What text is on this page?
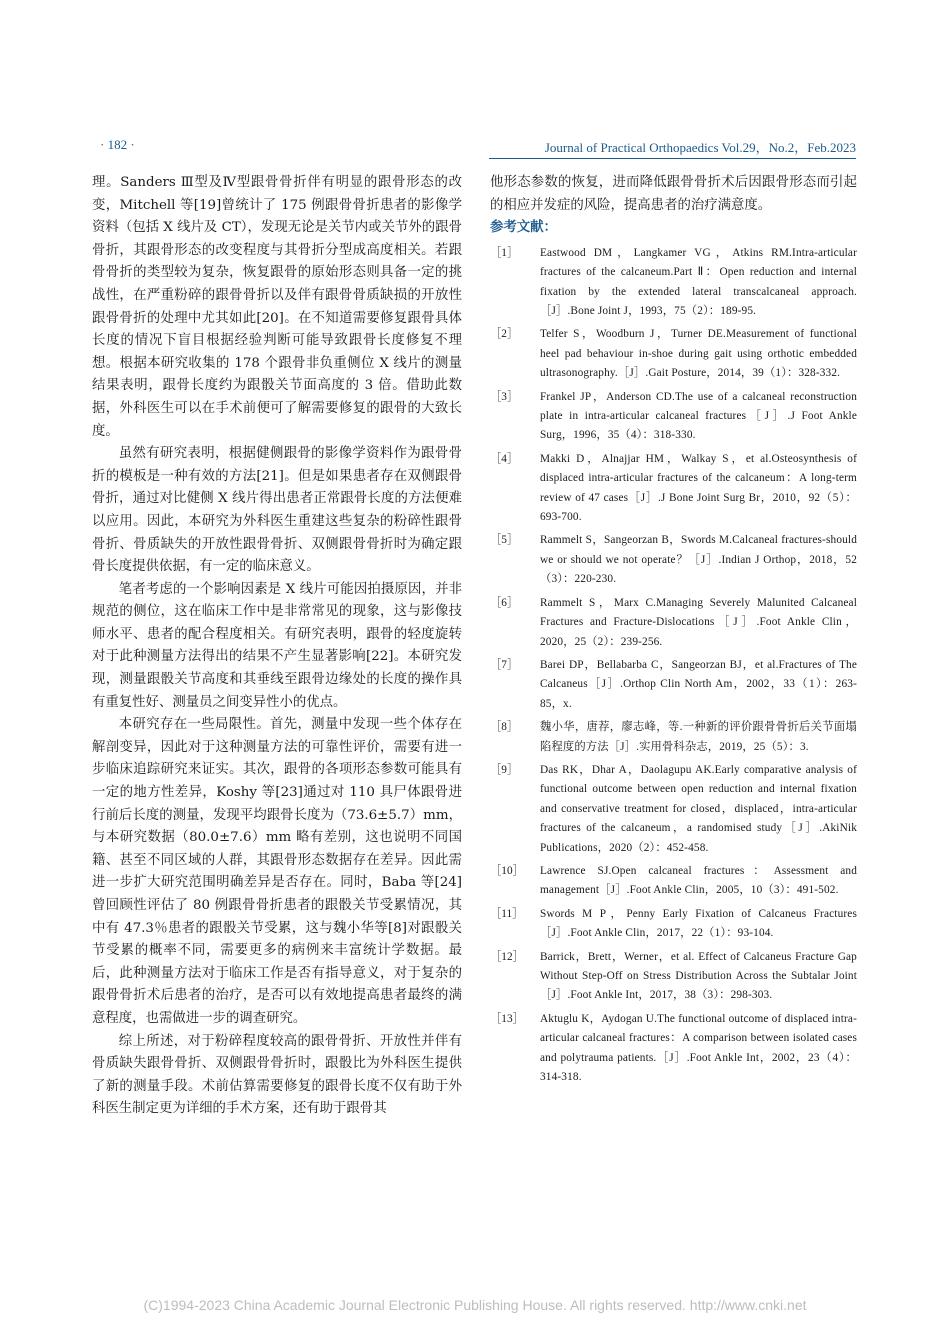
· 182 ·	Journal of Practical Orthopaedics Vol.29，No.2，Feb.2023

理。Sanders Ⅲ型及Ⅳ型跟骨骨折伴有明显的跟骨形态的改变，Mitchell 等[19]曾统计了 175 例跟骨骨折患者的影像学资料（包括 X 线片及 CT），发现无论是关节内或关节外的跟骨骨折，其跟骨形态的改变程度与其骨折分型成高度相关。若跟骨骨折的类型较为复杂，恢复跟骨的原始形态则具备一定的挑战性，在严重粉碎的跟骨骨折以及伴有跟骨骨质缺损的开放性跟骨骨折的处理中尤其如此[20]。在不知道需要修复跟骨具体长度的情况下盲目根据经验判断可能导致跟骨长度修复不理想。根据本研究收集的 178 个跟骨非负重侧位 X 线片的测量结果表明，跟骨长度约为跟骰关节面高度的 3 倍。借助此数据，外科医生可以在手术前便可了解需要修复的跟骨的大致长度。

虽然有研究表明，根据健侧跟骨的影像学资料作为跟骨骨折的模板是一种有效的方法[21]。但是如果患者存在双侧跟骨骨折，通过对比健侧 X 线片得出患者正常跟骨长度的方法便难以应用。因此，本研究为外科医生重建这些复杂的粉碎性跟骨骨折、骨质缺失的开放性跟骨骨折、双侧跟骨骨折时为确定跟骨长度提供依据，有一定的临床意义。

笔者考虑的一个影响因素是 X 线片可能因拍摄原因，并非规范的侧位，这在临床工作中是非常常见的现象，这与影像技师水平、患者的配合程度相关。有研究表明，跟骨的轻度旋转对于此种测量方法得出的结果不产生显著影响[22]。本研究发现，测量跟骰关节高度和其垂线至跟骨边缘处的长度的操作具有重复性好、测量员之间变异性小的优点。

本研究存在一些局限性。首先，测量中发现一些个体存在解剖变异，因此对于这种测量方法的可靠性评价，需要有进一步临床追踪研究来证实。其次，跟骨的各项形态参数可能具有一定的地方性差异，Koshy 等[23]通过对 110 具尸体跟骨进行前后长度的测量，发现平均跟骨长度为（73.6±5.7）mm，与本研究数据（80.0±7.6）mm 略有差别，这也说明不同国籍、甚至不同区域的人群，其跟骨形态数据存在差异。因此需进一步扩大研究范围明确差异是否存在。同时，Baba 等[24]曾回顾性评估了 80 例跟骨骨折患者的跟骰关节受累情况，其中有 47.3％患者的跟骰关节受累，这与魏小华等[8]对跟骰关节受累的概率不同，需要更多的病例来丰富统计学数据。最后，此种测量方法对于临床工作是否有指导意义，对于复杂的跟骨骨折术后患者的治疗，是否可以有效地提高患者最终的满意程度，也需做进一步的调查研究。

综上所述，对于粉碎程度较高的跟骨骨折、开放性并伴有骨质缺失跟骨骨折、双侧跟骨骨折时，跟骰比为外科医生提供了新的测量手段。术前估算需要修复的跟骨长度不仅有助于外科医生制定更为详细的手术方案，还有助于跟骨其

他形态参数的恢复，进而降低跟骨骨折术后因跟骨形态而引起的相应并发症的风险，提高患者的治疗满意度。

参考文献：
［1］	Eastwood DM，Langkamer VG，Atkins RM.Intra-articular fractures of the calcaneum.Part Ⅱ：Open reduction and internal fixation by the extended lateral transcalcaneal approach.［J］.Bone Joint J，1993，75（2）：189-95.
［2］	Telfer S，Woodburn J，Turner DE.Measurement of functional heel pad behaviour in-shoe during gait using orthotic embedded ultrasonography.［J］.Gait Posture，2014，39（1）：328-332.
［3］	Frankel JP，Anderson CD.The use of a calcaneal reconstruction plate in intra-articular calcaneal fractures［J］.J Foot Ankle Surg，1996，35（4）：318-330.
［4］	Makki D，Alnajjar HM，Walkay S，et al.Osteosynthesis of displaced intra-articular fractures of the calcaneum：A long-term review of 47 cases［J］.J Bone Joint Surg Br，2010，92（5）：693-700.
［5］	Rammelt S，Sangeorzan B，Swords M.Calcaneal fractures-should we or should we not operate？［J］.Indian J Orthop，2018，52（3）：220-230.
［6］	Rammelt S，Marx C.Managing Severely Malunited Calcaneal Fractures and Fracture-Dislocations［J］.Foot Ankle Clin，2020，25（2）：239-256.
［7］	Barei DP，Bellabarba C，Sangeorzan BJ，et al.Fractures of The Calcaneus［J］.Orthop Clin North Am，2002，33（1）：263-85，x.
［8］	魏小华，唐荐，廖志峰，等.一种新的评价跟骨骨折后关节面塌陷程度的方法［J］.实用骨科杂志，2019，25（5）：3.
［9］	Das RK，Dhar A，Daolagupu AK.Early comparative analysis of functional outcome between open reduction and internal fixation and conservative treatment for closed，displaced，intra-articular fractures of the calcaneum，a randomised study［J］.AkiNik Publications，2020（2）：452-458.
［10］	Lawrence SJ.Open calcaneal fractures：Assessment and management［J］.Foot Ankle Clin，2005，10（3）：491-502.
［11］	Swords M P，Penny Early Fixation of Calcaneus Fractures［J］.Foot Ankle Clin，2017，22（1）：93-104.
［12］	Barrick，Brett，Werner，et al. Effect of Calcaneus Fracture Gap Without Step-Off on Stress Distribution Across the Subtalar Joint［J］.Foot Ankle Int，2017，38（3）：298-303.
［13］	Aktuglu K，Aydogan U.The functional outcome of displaced intra-articular calcaneal fractures：A comparison between isolated cases and polytrauma patients.［J］.Foot Ankle Int，2002，23（4）：314-318.
(C)1994-2023 China Academic Journal Electronic Publishing House. All rights reserved. http://www.cnki.net
